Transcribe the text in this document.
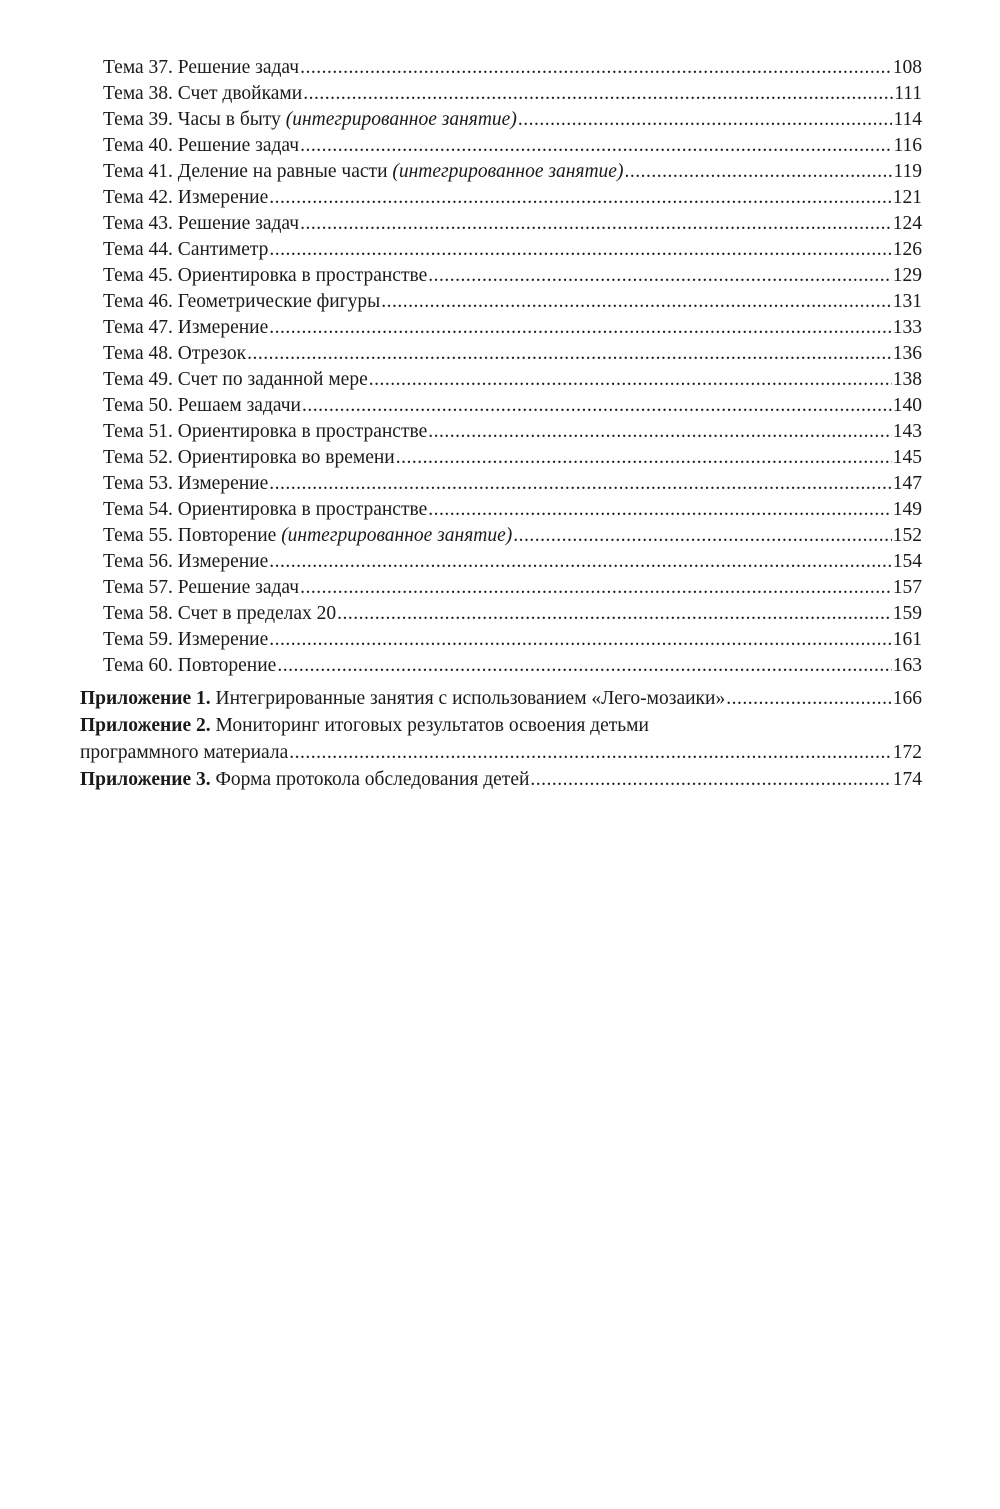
Тема 37. Решение задач .....	108
Тема 38. Счет двойками .....	111
Тема 39. Часы в быту (интегрированное занятие) .....	114
Тема 40. Решение задач .....	116
Тема 41. Деление на равные части (интегрированное занятие) .....	119
Тема 42. Измерение .....	121
Тема 43. Решение задач .....	124
Тема 44. Сантиметр .....	126
Тема 45. Ориентировка в пространстве .....	129
Тема 46. Геометрические фигуры .....	131
Тема 47. Измерение .....	133
Тема 48. Отрезок .....	136
Тема 49. Счет по заданной мере .....	138
Тема 50. Решаем задачи .....	140
Тема 51. Ориентировка в пространстве .....	143
Тема 52. Ориентировка во времени .....	145
Тема 53. Измерение .....	147
Тема 54. Ориентировка в пространстве .....	149
Тема 55. Повторение (интегрированное занятие) .....	152
Тема 56. Измерение .....	154
Тема 57. Решение задач .....	157
Тема 58. Счет в пределах 20 .....	159
Тема 59. Измерение .....	161
Тема 60. Повторение .....	163
Приложение 1. Интегрированные занятия с использованием «Лего-мозаики» .....	166
Приложение 2. Мониторинг итоговых результатов освоения детьми
программного материала .....	172
Приложение 3. Форма протокола обследования детей .....	174
